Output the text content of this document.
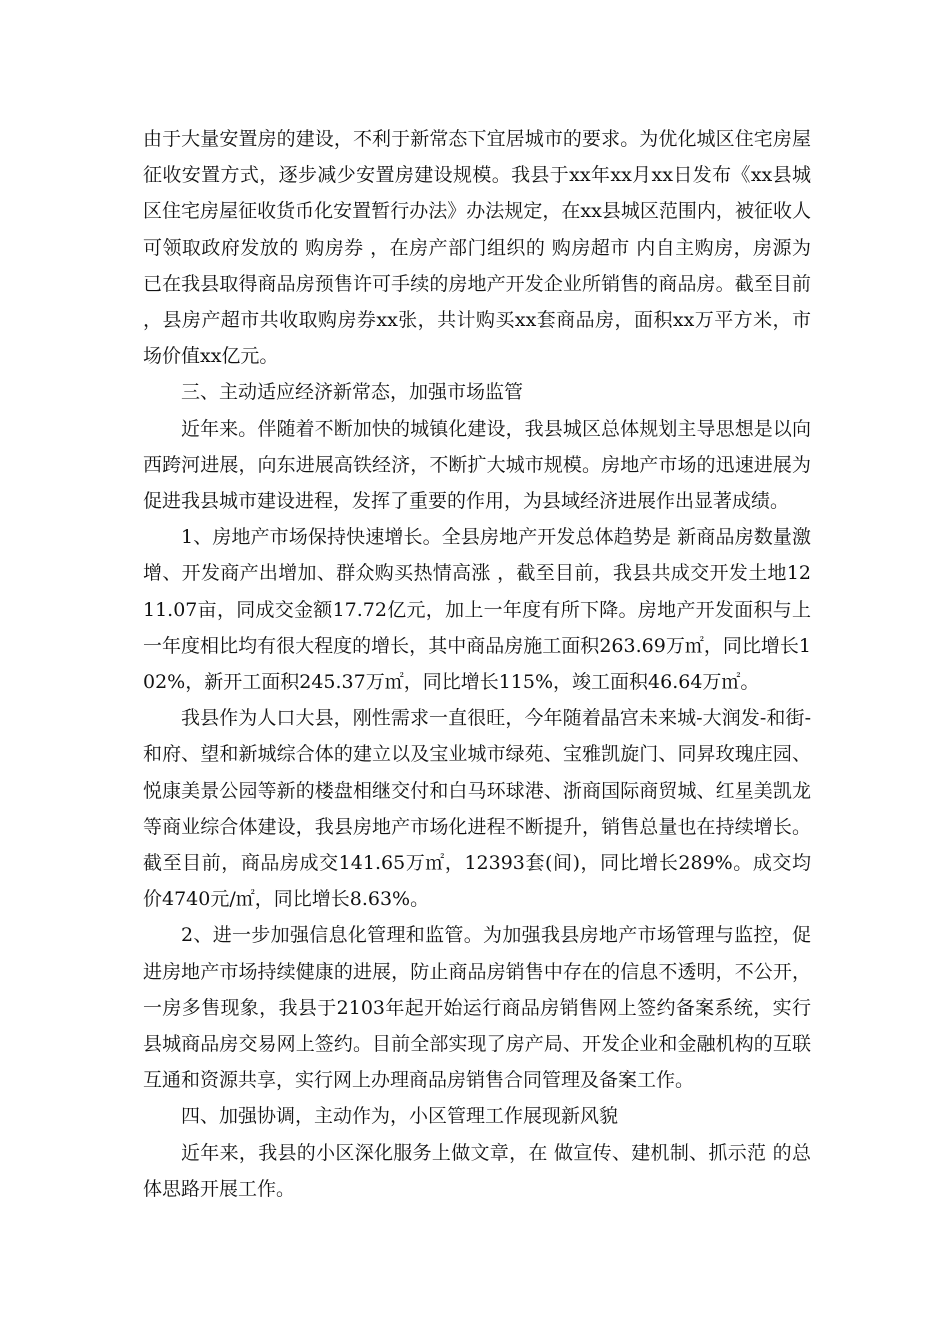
由于大量安置房的建设，不利于新常态下宜居城市的要求。为优化城区住宅房屋征收安置方式，逐步减少安置房建设规模。我县于xx年xx月xx日发布《xx县城区住宅房屋征收货币化安置暂行办法》办法规定，在xx县城区范围内，被征收人可领取政府发放的 购房券 ，在房产部门组织的 购房超市 内自主购房，房源为已在我县取得商品房预售许可手续的房地产开发企业所销售的商品房。截至目前，县房产超市共收取购房券xx张，共计购买xx套商品房，面积xx万平方米，市场价值xx亿元。

三、主动适应经济新常态，加强市场监管

近年来。伴随着不断加快的城镇化建设，我县城区总体规划主导思想是以向西跨河进展，向东进展高铁经济，不断扩大城市规模。房地产市场的迅速进展为促进我县城市建设进程，发挥了重要的作用，为县域经济进展作出显著成绩。

1、房地产市场保持快速增长。全县房地产开发总体趋势是 新商品房数量激增、开发商产出增加、群众购买热情高涨 ，截至目前，我县共成交开发土地1211.07亩，同成交金额17.72亿元，加上一年度有所下降。房地产开发面积与上一年度相比均有很大程度的增长，其中商品房施工面积263.69万㎡，同比增长102%，新开工面积245.37万㎡，同比增长115%，竣工面积46.64万㎡。

我县作为人口大县，刚性需求一直很旺，今年随着晶宫未来城-大润发-和街-和府、望和新城综合体的建立以及宝业城市绿苑、宝雅凯旋门、同昇玫瑰庄园、悦康美景公园等新的楼盘相继交付和白马环球港、浙商国际商贸城、红星美凯龙等商业综合体建设，我县房地产市场化进程不断提升，销售总量也在持续增长。截至目前，商品房成交141.65万㎡，12393套(间)，同比增长289%。成交均价4740元/㎡，同比增长8.63%。

2、进一步加强信息化管理和监管。为加强我县房地产市场管理与监控，促进房地产市场持续健康的进展，防止商品房销售中存在的信息不透明，不公开，一房多售现象，我县于2103年起开始运行商品房销售网上签约备案系统，实行县城商品房交易网上签约。目前全部实现了房产局、开发企业和金融机构的互联互通和资源共享，实行网上办理商品房销售合同管理及备案工作。

四、加强协调，主动作为，小区管理工作展现新风貌

近年来，我县的小区深化服务上做文章，在 做宣传、建机制、抓示范 的总体思路开展工作。
